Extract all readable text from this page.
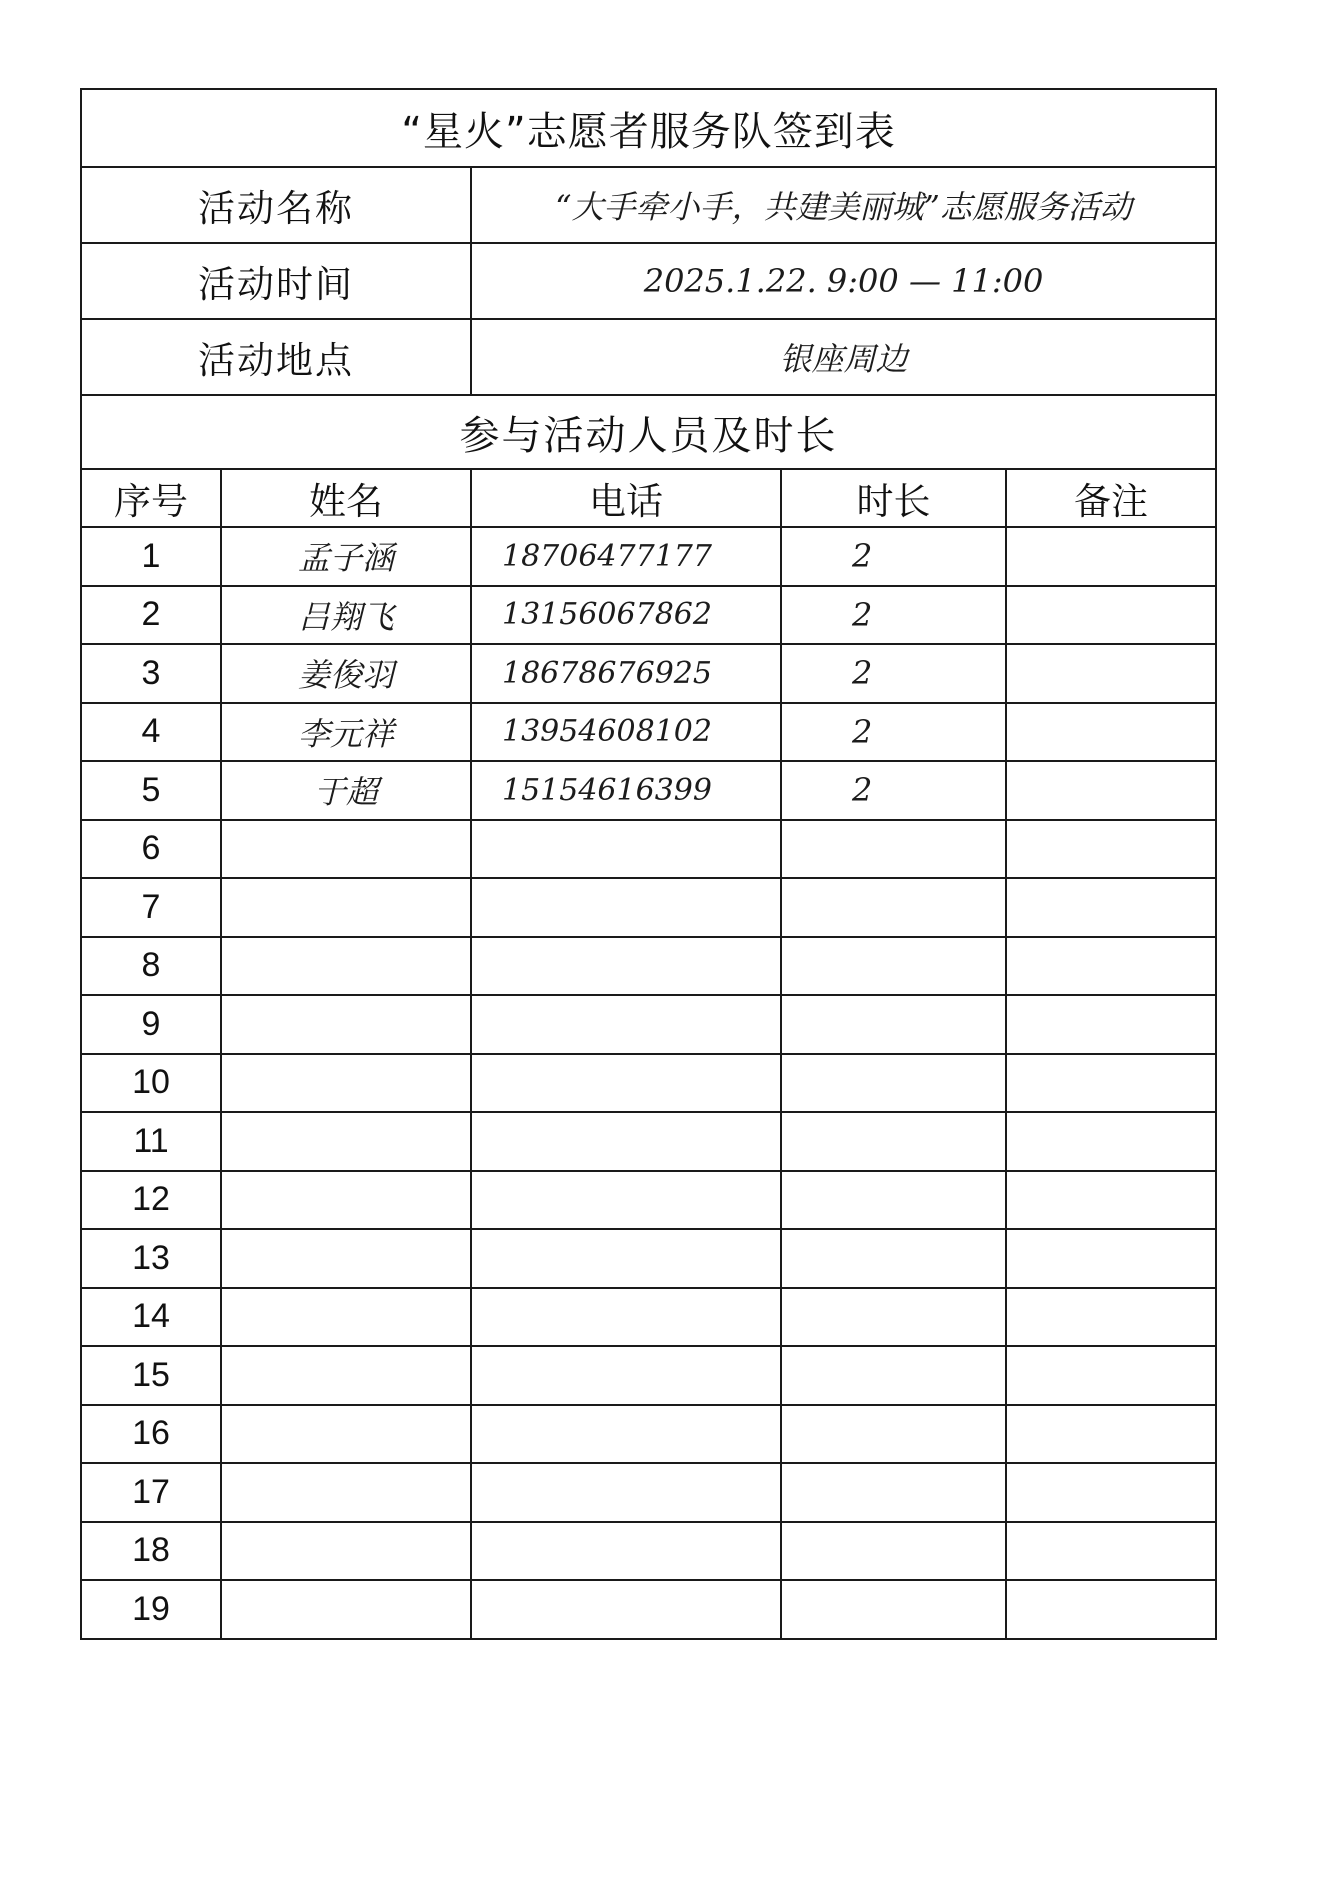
“星火”志愿者服务队签到表				
活动名称		“大手牵小手，共建美丽城”志愿服务活动		
活动时间		2025.1.22. 9:00 — 11:00		
活动地点		银座周边		
参与活动人员及时长				
序号	姓名	电话	时长	备注
1	孟子涵	18706477177	2	
2	吕翔飞	13156067862	2	
3	姜俊羽	18678676925	2	
4	李元祥	13954608102	2	
5	于超	15154616399	2	
6				
7				
8				
9				
10				
11				
12				
13				
14				
15				
16				
17				
18				
19				
